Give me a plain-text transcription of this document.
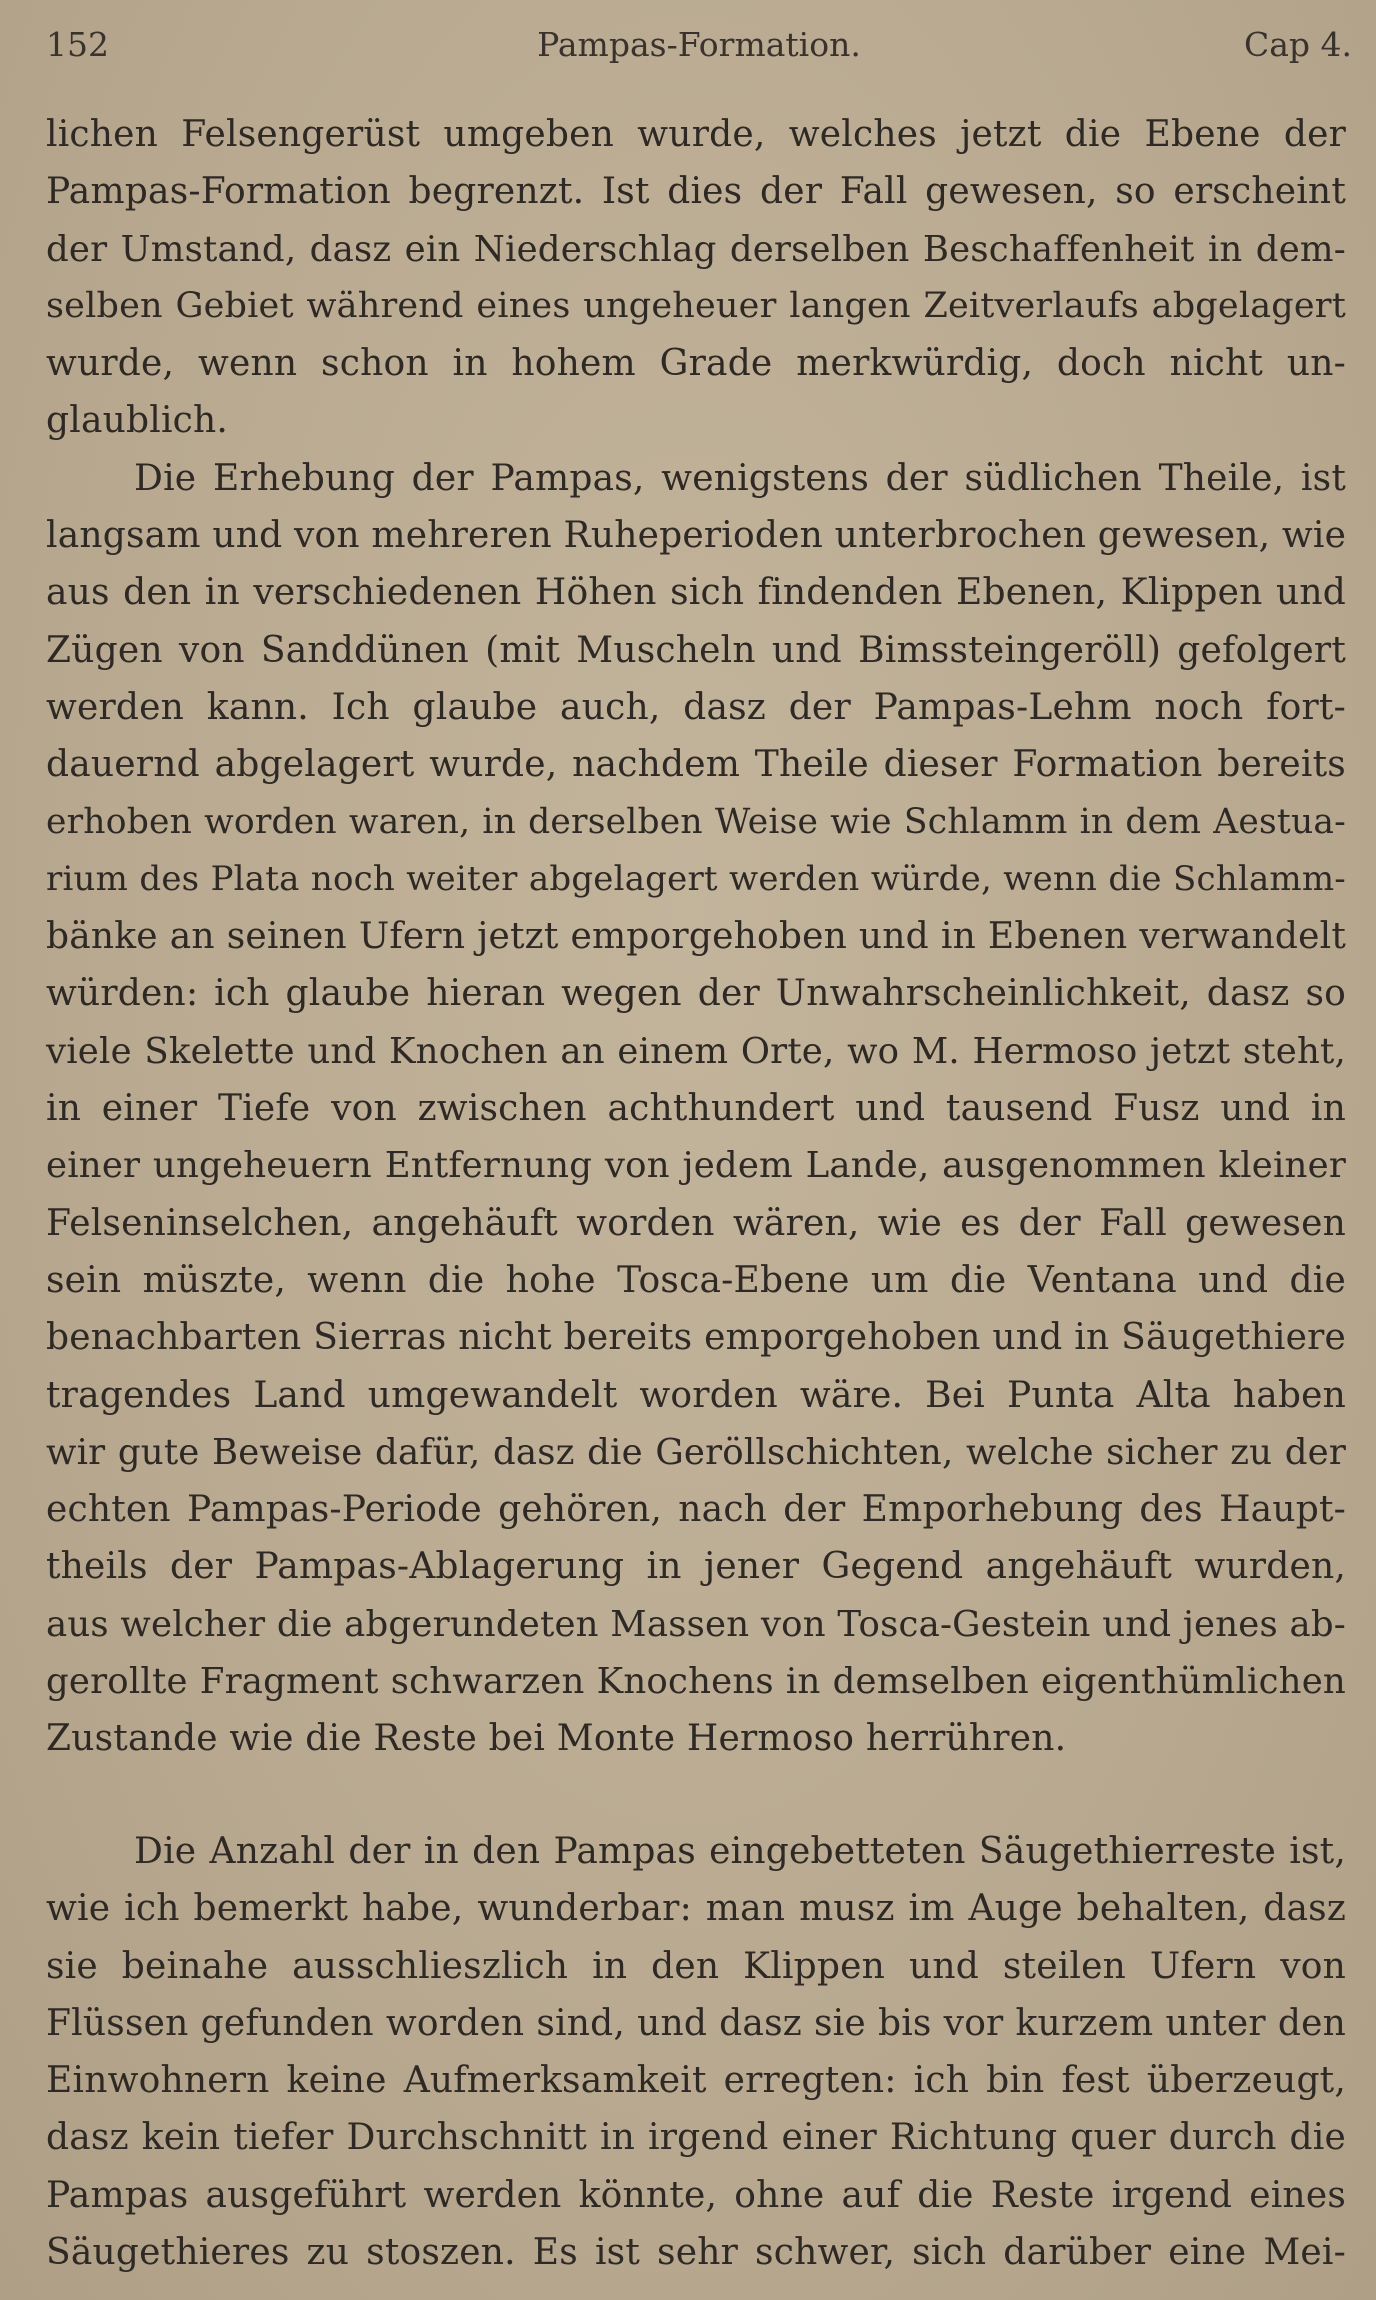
152	Pampas-Formation.	Cap 4.
lichen Felsengerüst umgeben wurde, welches jetzt die Ebene der
Pampas-Formation begrenzt. Ist dies der Fall gewesen, so erscheint
der Umstand, dasz ein Niederschlag derselben Beschaffenheit in dem-
selben Gebiet während eines ungeheuer langen Zeitverlaufs abgelagert
wurde, wenn schon in hohem Grade merkwürdig, doch nicht un-
glaublich.
Die Erhebung der Pampas, wenigstens der südlichen Theile, ist
langsam und von mehreren Ruheperioden unterbrochen gewesen, wie
aus den in verschiedenen Höhen sich findenden Ebenen, Klippen und
Zügen von Sanddünen (mit Muscheln und Bimssteingeröll) gefolgert
werden kann. Ich glaube auch, dasz der Pampas-Lehm noch fort-
dauernd abgelagert wurde, nachdem Theile dieser Formation bereits
erhoben worden waren, in derselben Weise wie Schlamm in dem Aestua-
rium des Plata noch weiter abgelagert werden würde, wenn die Schlamm-
bänke an seinen Ufern jetzt emporgehoben und in Ebenen verwandelt
würden: ich glaube hieran wegen der Unwahrscheinlichkeit, dasz so
viele Skelette und Knochen an einem Orte, wo M. Hermoso jetzt steht,
in einer Tiefe von zwischen achthundert und tausend Fusz und in
einer ungeheuern Entfernung von jedem Lande, ausgenommen kleiner
Felseninselchen, angehäuft worden wären, wie es der Fall gewesen
sein müszte, wenn die hohe Tosca-Ebene um die Ventana und die
benachbarten Sierras nicht bereits emporgehoben und in Säugethiere
tragendes Land umgewandelt worden wäre. Bei Punta Alta haben
wir gute Beweise dafür, dasz die Geröllschichten, welche sicher zu der
echten Pampas-Periode gehören, nach der Emporhebung des Haupt-
theils der Pampas-Ablagerung in jener Gegend angehäuft wurden,
aus welcher die abgerundeten Massen von Tosca-Gestein und jenes ab-
gerollte Fragment schwarzen Knochens in demselben eigenthümlichen
Zustande wie die Reste bei Monte Hermoso herrühren.
Die Anzahl der in den Pampas eingebetteten Säugethierreste ist,
wie ich bemerkt habe, wunderbar: man musz im Auge behalten, dasz
sie beinahe ausschlieszlich in den Klippen und steilen Ufern von
Flüssen gefunden worden sind, und dasz sie bis vor kurzem unter den
Einwohnern keine Aufmerksamkeit erregten: ich bin fest überzeugt,
dasz kein tiefer Durchschnitt in irgend einer Richtung quer durch die
Pampas ausgeführt werden könnte, ohne auf die Reste irgend eines
Säugethieres zu stoszen. Es ist sehr schwer, sich darüber eine Mei-
